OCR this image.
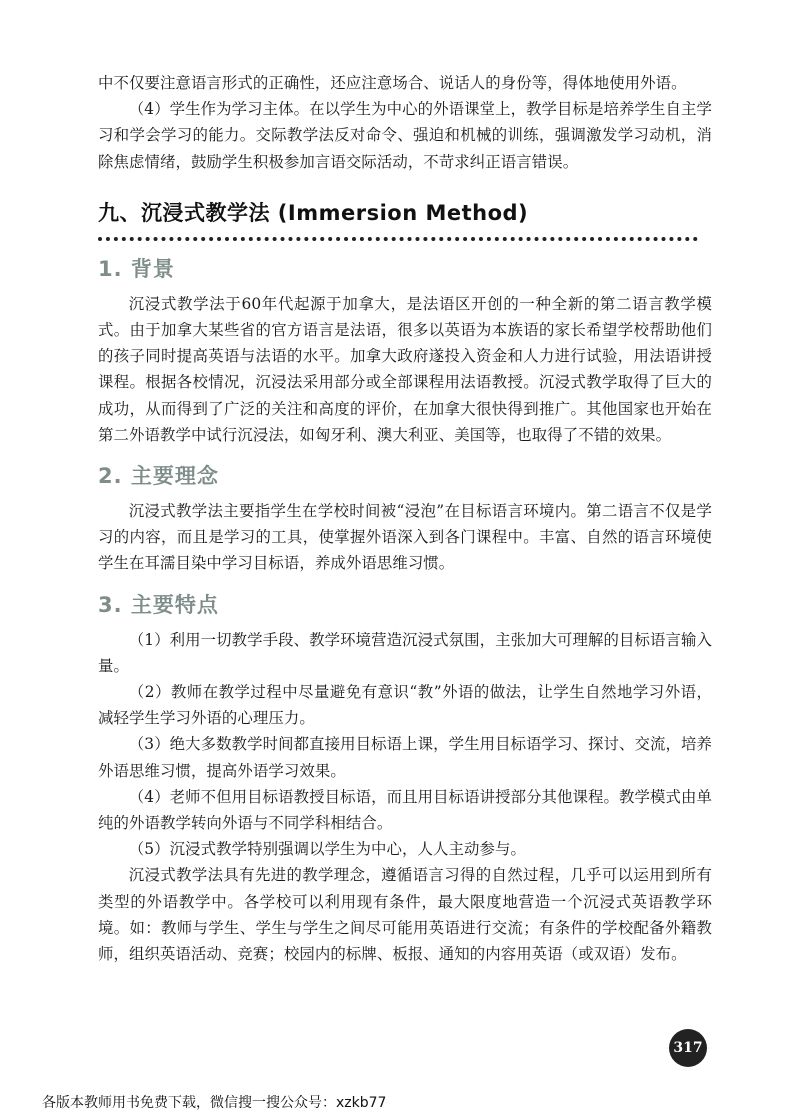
中不仅要注意语言形式的正确性，还应注意场合、说话人的身份等，得体地使用外语。

（4）学生作为学习主体。在以学生为中心的外语课堂上，教学目标是培养学生自主学习和学会学习的能力。交际教学法反对命令、强迫和机械的训练，强调激发学习动机，消除焦虑情绪，鼓励学生积极参加言语交际活动，不苛求纠正语言错误。

九、沉浸式教学法 (Immersion Method)
1. 背景

沉浸式教学法于60年代起源于加拿大，是法语区开创的一种全新的第二语言教学模式。由于加拿大某些省的官方语言是法语，很多以英语为本族语的家长希望学校帮助他们的孩子同时提高英语与法语的水平。加拿大政府遂投入资金和人力进行试验，用法语讲授课程。根据各校情况，沉浸法采用部分或全部课程用法语教授。沉浸式教学取得了巨大的成功，从而得到了广泛的关注和高度的评价，在加拿大很快得到推广。其他国家也开始在第二外语教学中试行沉浸法，如匈牙利、澳大利亚、美国等，也取得了不错的效果。

2. 主要理念

沉浸式教学法主要指学生在学校时间被“浸泡”在目标语言环境内。第二语言不仅是学习的内容，而且是学习的工具，使掌握外语深入到各门课程中。丰富、自然的语言环境使学生在耳濡目染中学习目标语，养成外语思维习惯。

3. 主要特点

（1）利用一切教学手段、教学环境营造沉浸式氛围，主张加大可理解的目标语言输入量。

（2）教师在教学过程中尽量避免有意识“教”外语的做法，让学生自然地学习外语，减轻学生学习外语的心理压力。

（3）绝大多数教学时间都直接用目标语上课，学生用目标语学习、探讨、交流，培养外语思维习惯，提高外语学习效果。

（4）老师不但用目标语教授目标语，而且用目标语讲授部分其他课程。教学模式由单纯的外语教学转向外语与不同学科相结合。

（5）沉浸式教学特别强调以学生为中心，人人主动参与。

沉浸式教学法具有先进的教学理念，遵循语言习得的自然过程，几乎可以运用到所有类型的外语教学中。各学校可以利用现有条件，最大限度地营造一个沉浸式英语教学环境。如：教师与学生、学生与学生之间尽可能用英语进行交流；有条件的学校配备外籍教师，组织英语活动、竞赛；校园内的标牌、板报、通知的内容用英语（或双语）发布。

317
各版本教师用书免费下载，微信搜一搜公众号：xzkb77
